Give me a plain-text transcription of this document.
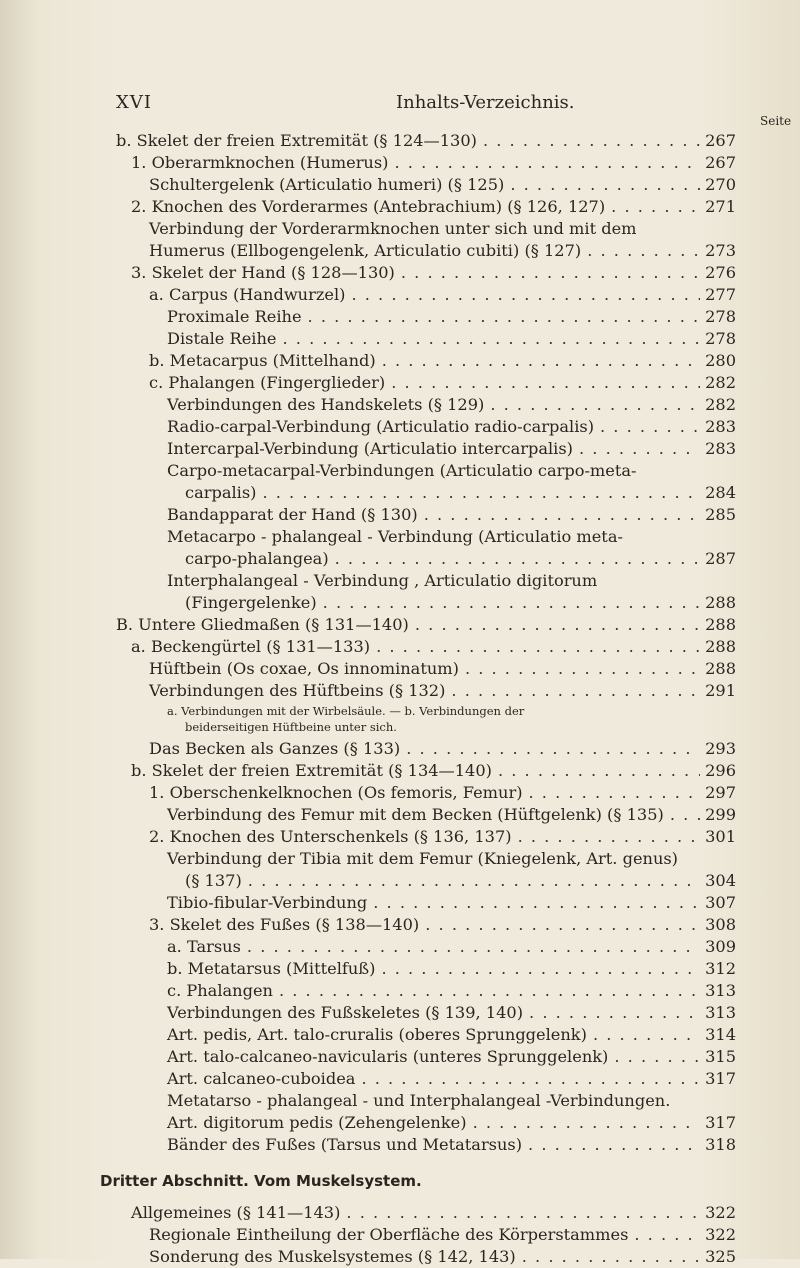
XVI	Inhalts-Verzeichnis.
Seite
b. Skelet der freien Extremität (§ 124—130) . . .	267
1. Oberarmknochen (Humerus) . . .	267
Schultergelenk (Articulatio humeri) (§ 125) . . .	270
2. Knochen des Vorderarmes (Antebrachium) (§ 126, 127) . . .	271
Verbindung der Vorderarmknochen unter sich und mit dem
Humerus (Ellbogengelenk, Articulatio cubiti) (§ 127) . . .	273
3. Skelet der Hand (§ 128—130) . . .	276
a. Carpus (Handwurzel) . . .	277
Proximale Reihe . . .	278
Distale Reihe . . .	278
b. Metacarpus (Mittelhand) . . .	280
c. Phalangen (Fingerglieder) . . .	282
Verbindungen des Handskelets (§ 129) . . .	282
Radio-carpal-Verbindung (Articulatio radio-carpalis) . . .	283
Intercarpal-Verbindung (Articulatio intercarpalis) . . .	283
Carpo-metacarpal-Verbindungen (Articulatio carpo-meta-
carpalis) . . .	284
Bandapparat der Hand (§ 130) . . .	285
Metacarpo - phalangeal - Verbindung (Articulatio meta-
carpo-phalangea) . . .	287
Interphalangeal - Verbindung , Articulatio digitorum
(Fingergelenke) . . .	288
B. Untere Gliedmaßen (§ 131—140) . . .	288
a. Beckengürtel (§ 131—133) . . .	288
Hüftbein (Os coxae, Os innominatum) . . .	288
Verbindungen des Hüftbeins (§ 132) . . .	291
a. Verbindungen mit der Wirbelsäule. — b. Verbindungen der
beiderseitigen Hüftbeine unter sich.
Das Becken als Ganzes (§ 133) . . .	293
b. Skelet der freien Extremität (§ 134—140) . . .	296
1. Oberschenkelknochen (Os femoris, Femur) . . .	297
Verbindung des Femur mit dem Becken (Hüftgelenk) (§ 135) . . .	299
2. Knochen des Unterschenkels (§ 136, 137) . . .	301
Verbindung der Tibia mit dem Femur (Kniegelenk, Art. genus)
(§ 137) . . .	304
Tibio-fibular-Verbindung . . .	307
3. Skelet des Fußes (§ 138—140) . . .	308
a. Tarsus . . .	309
b. Metatarsus (Mittelfuß) . . .	312
c. Phalangen . . .	313
Verbindungen des Fußskeletes (§ 139, 140) . . .	313
Art. pedis, Art. talo-cruralis (oberes Sprunggelenk) . . .	314
Art. talo-calcaneo-navicularis (unteres Sprunggelenk) . . .	315
Art. calcaneo-cuboidea . . .	317
Metatarso - phalangeal - und Interphalangeal -Verbindungen.
Art. digitorum pedis (Zehengelenke) . . .	317
Bänder des Fußes (Tarsus und Metatarsus) . . .	318
Dritter Abschnitt. Vom Muskelsystem.
Allgemeines (§ 141—143) . . .	322
Regionale Eintheilung der Oberfläche des Körperstammes . . .	322
Sonderung des Muskelsystemes (§ 142, 143) . . .	325
